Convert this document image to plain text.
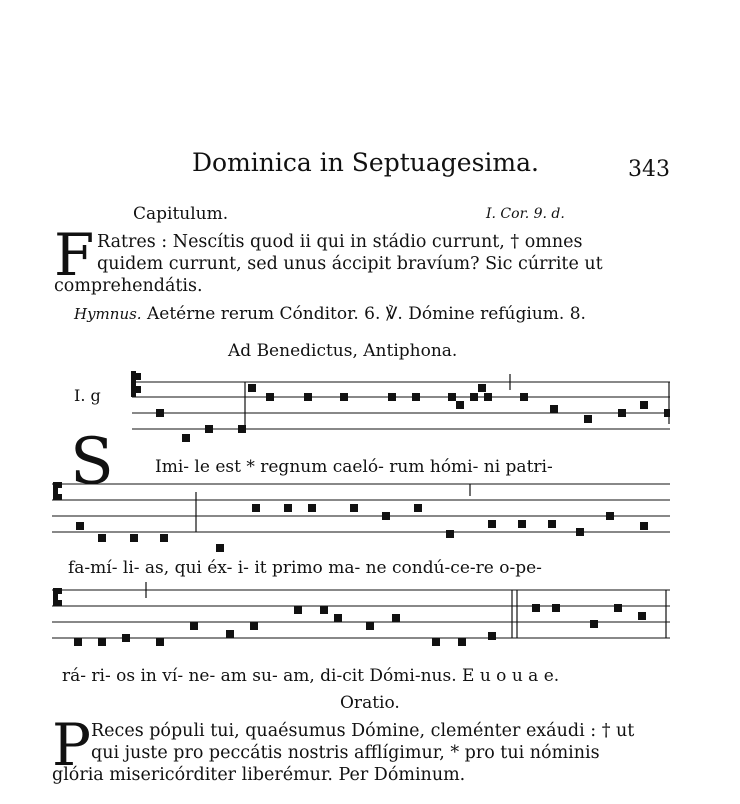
Dominica in Septuagesima.	343
Capitulum.	I. Cor. 9. d.
F Ratres : Nescítis quod ii qui in stádio currunt, † omnes
quidem currunt, sed unus áccipit bravíum? Sic cúrrite ut
comprehendátis.
Hymnus. Aetérne rerum Cónditor. 6. ℣. Dómine refúgium. 8.
Ad Benedictus, Antiphona.
I. g
S Imi- le est * regnum caeló- rum hómi- ni patri-
fa-mí- li- as, qui éx- i- it primo ma- ne condú-ce-re o-pe-
rá- ri- os in ví- ne- am su- am, di-cit Dómi-nus. E u o u a e.
Oratio.
P Reces pópuli tui, quaésumus Dómine, cleménter exáudi : † ut
qui juste pro peccátis nostris afflígimur, * pro tui nóminis
glória misericórditer liberémur. Per Dóminum.
